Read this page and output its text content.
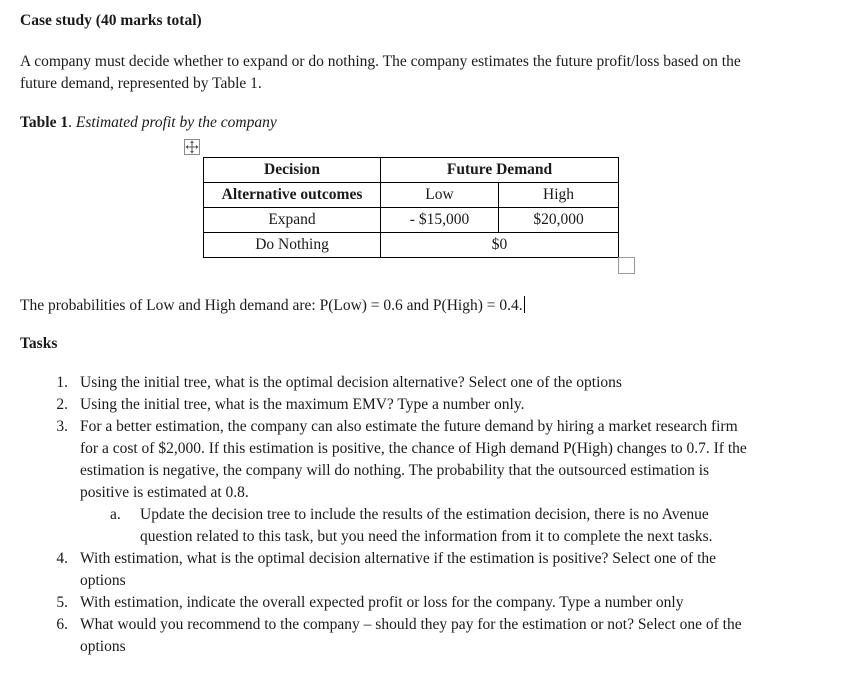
Case study (40 marks total)
A company must decide whether to expand or do nothing. The company estimates the future profit/loss based on the
future demand, represented by Table 1.
Table 1. Estimated profit by the company
Decision	Future Demand	
Alternative outcomes	Low	High
Expand	- $15,000	$20,000
Do Nothing	$0	
The probabilities of Low and High demand are: P(Low) = 0.6 and P(High) = 0.4.
Tasks
1. Using the initial tree, what is the optimal decision alternative? Select one of the options
2. Using the initial tree, what is the maximum EMV? Type a number only.
3. For a better estimation, the company can also estimate the future demand by hiring a market research firm
for a cost of $2,000. If this estimation is positive, the chance of High demand P(High) changes to 0.7. If the
estimation is negative, the company will do nothing. The probability that the outsourced estimation is
positive is estimated at 0.8.
a. Update the decision tree to include the results of the estimation decision, there is no Avenue
question related to this task, but you need the information from it to complete the next tasks.
4. With estimation, what is the optimal decision alternative if the estimation is positive? Select one of the
options
5. With estimation, indicate the overall expected profit or loss for the company. Type a number only
6. What would you recommend to the company – should they pay for the estimation or not? Select one of the
options
